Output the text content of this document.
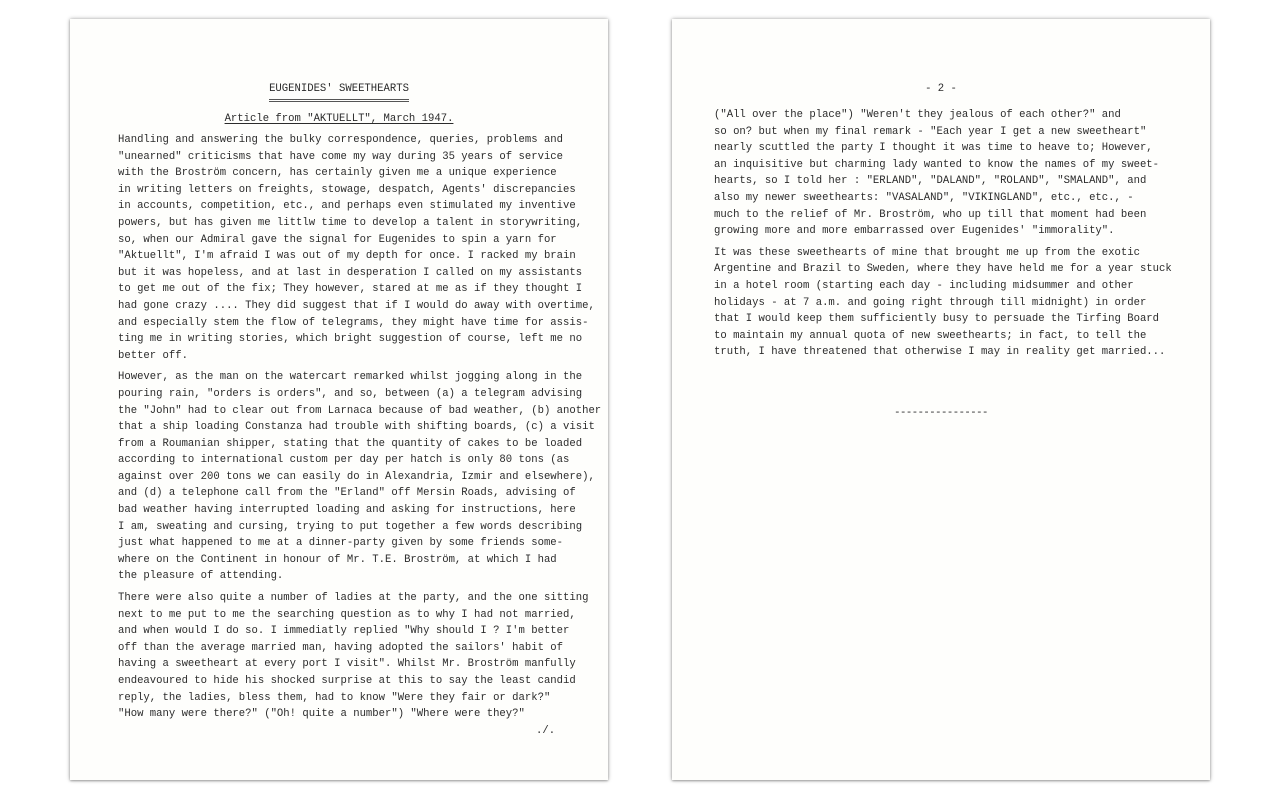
EUGENIDES' SWEETHEARTS
Article from "AKTUELLT", March 1947.
Handling and answering the bulky correspondence, queries, problems and
"unearned" criticisms that have come my way during 35 years of service
with the Broström concern, has certainly given me a unique experience
in writing letters on freights, stowage, despatch, Agents' discrepancies
in accounts, competition, etc., and perhaps even stimulated my inventive
powers, but has given me littlw time to develop a talent in storywriting,
so, when our Admiral gave the signal for Eugenides to spin a yarn for
"Aktuellt", I'm afraid I was out of my depth for once. I racked my brain
but it was hopeless, and at last in desperation I called on my assistants
to get me out of the fix; They however, stared at me as if they thought I
had gone crazy .... They did suggest that if I would do away with overtime,
and especially stem the flow of telegrams, they might have time for assis-
ting me in writing stories, which bright suggestion of course, left me no
better off.
However, as the man on the watercart remarked whilst jogging along in the
pouring rain, "orders is orders", and so, between (a) a telegram advising
the "John" had to clear out from Larnaca because of bad weather, (b) another
that a ship loading Constanza had trouble with shifting boards, (c) a visit
from a Roumanian shipper, stating that the quantity of cakes to be loaded
according to international custom per day per hatch is only 80 tons (as
against over 200 tons we can easily do in Alexandria, Izmir and elsewhere),
and (d) a telephone call from the "Erland" off Mersin Roads, advising of
bad weather having interrupted loading and asking for instructions, here
I am, sweating and cursing, trying to put together a few words describing
just what happened to me at a dinner-party given by some friends some-
where on the Continent in honour of Mr. T.E. Broström, at which I had
the pleasure of attending.
There were also quite a number of ladies at the party, and the one sitting
next to me put to me the searching question as to why I had not married,
and when would I do so. I immediatly replied "Why should I ? I'm better
off than the average married man, having adopted the sailors' habit of
having a sweetheart at every port I visit". Whilst Mr. Broström manfully
endeavoured to hide his shocked surprise at this to say the least candid
reply, the ladies, bless them, had to know "Were they fair or dark?"
"How many were there?" ("Oh! quite a number") "Where were they?"
./.
- 2 -
("All over the place") "Weren't they jealous of each other?" and
so on? but when my final remark - "Each year I get a new sweetheart"
nearly scuttled the party I thought it was time to heave to; However,
an inquisitive but charming lady wanted to know the names of my sweet-
hearts, so I told her : "ERLAND", "DALAND", "ROLAND", "SMALAND", and
also my newer sweethearts: "VASALAND", "VIKINGLAND", etc., etc., -
much to the relief of Mr. Broström, who up till that moment had been
growing more and more embarrassed over Eugenides' "immorality".
It was these sweethearts of mine that brought me up from the exotic
Argentine and Brazil to Sweden, where they have held me for a year stuck
in a hotel room (starting each day - including midsummer and other
holidays - at 7 a.m. and going right through till midnight) in order
that I would keep them sufficiently busy to persuade the Tirfing Board
to maintain my annual quota of new sweethearts; in fact, to tell the
truth, I have threatened that otherwise I may in reality get married...
----------------
